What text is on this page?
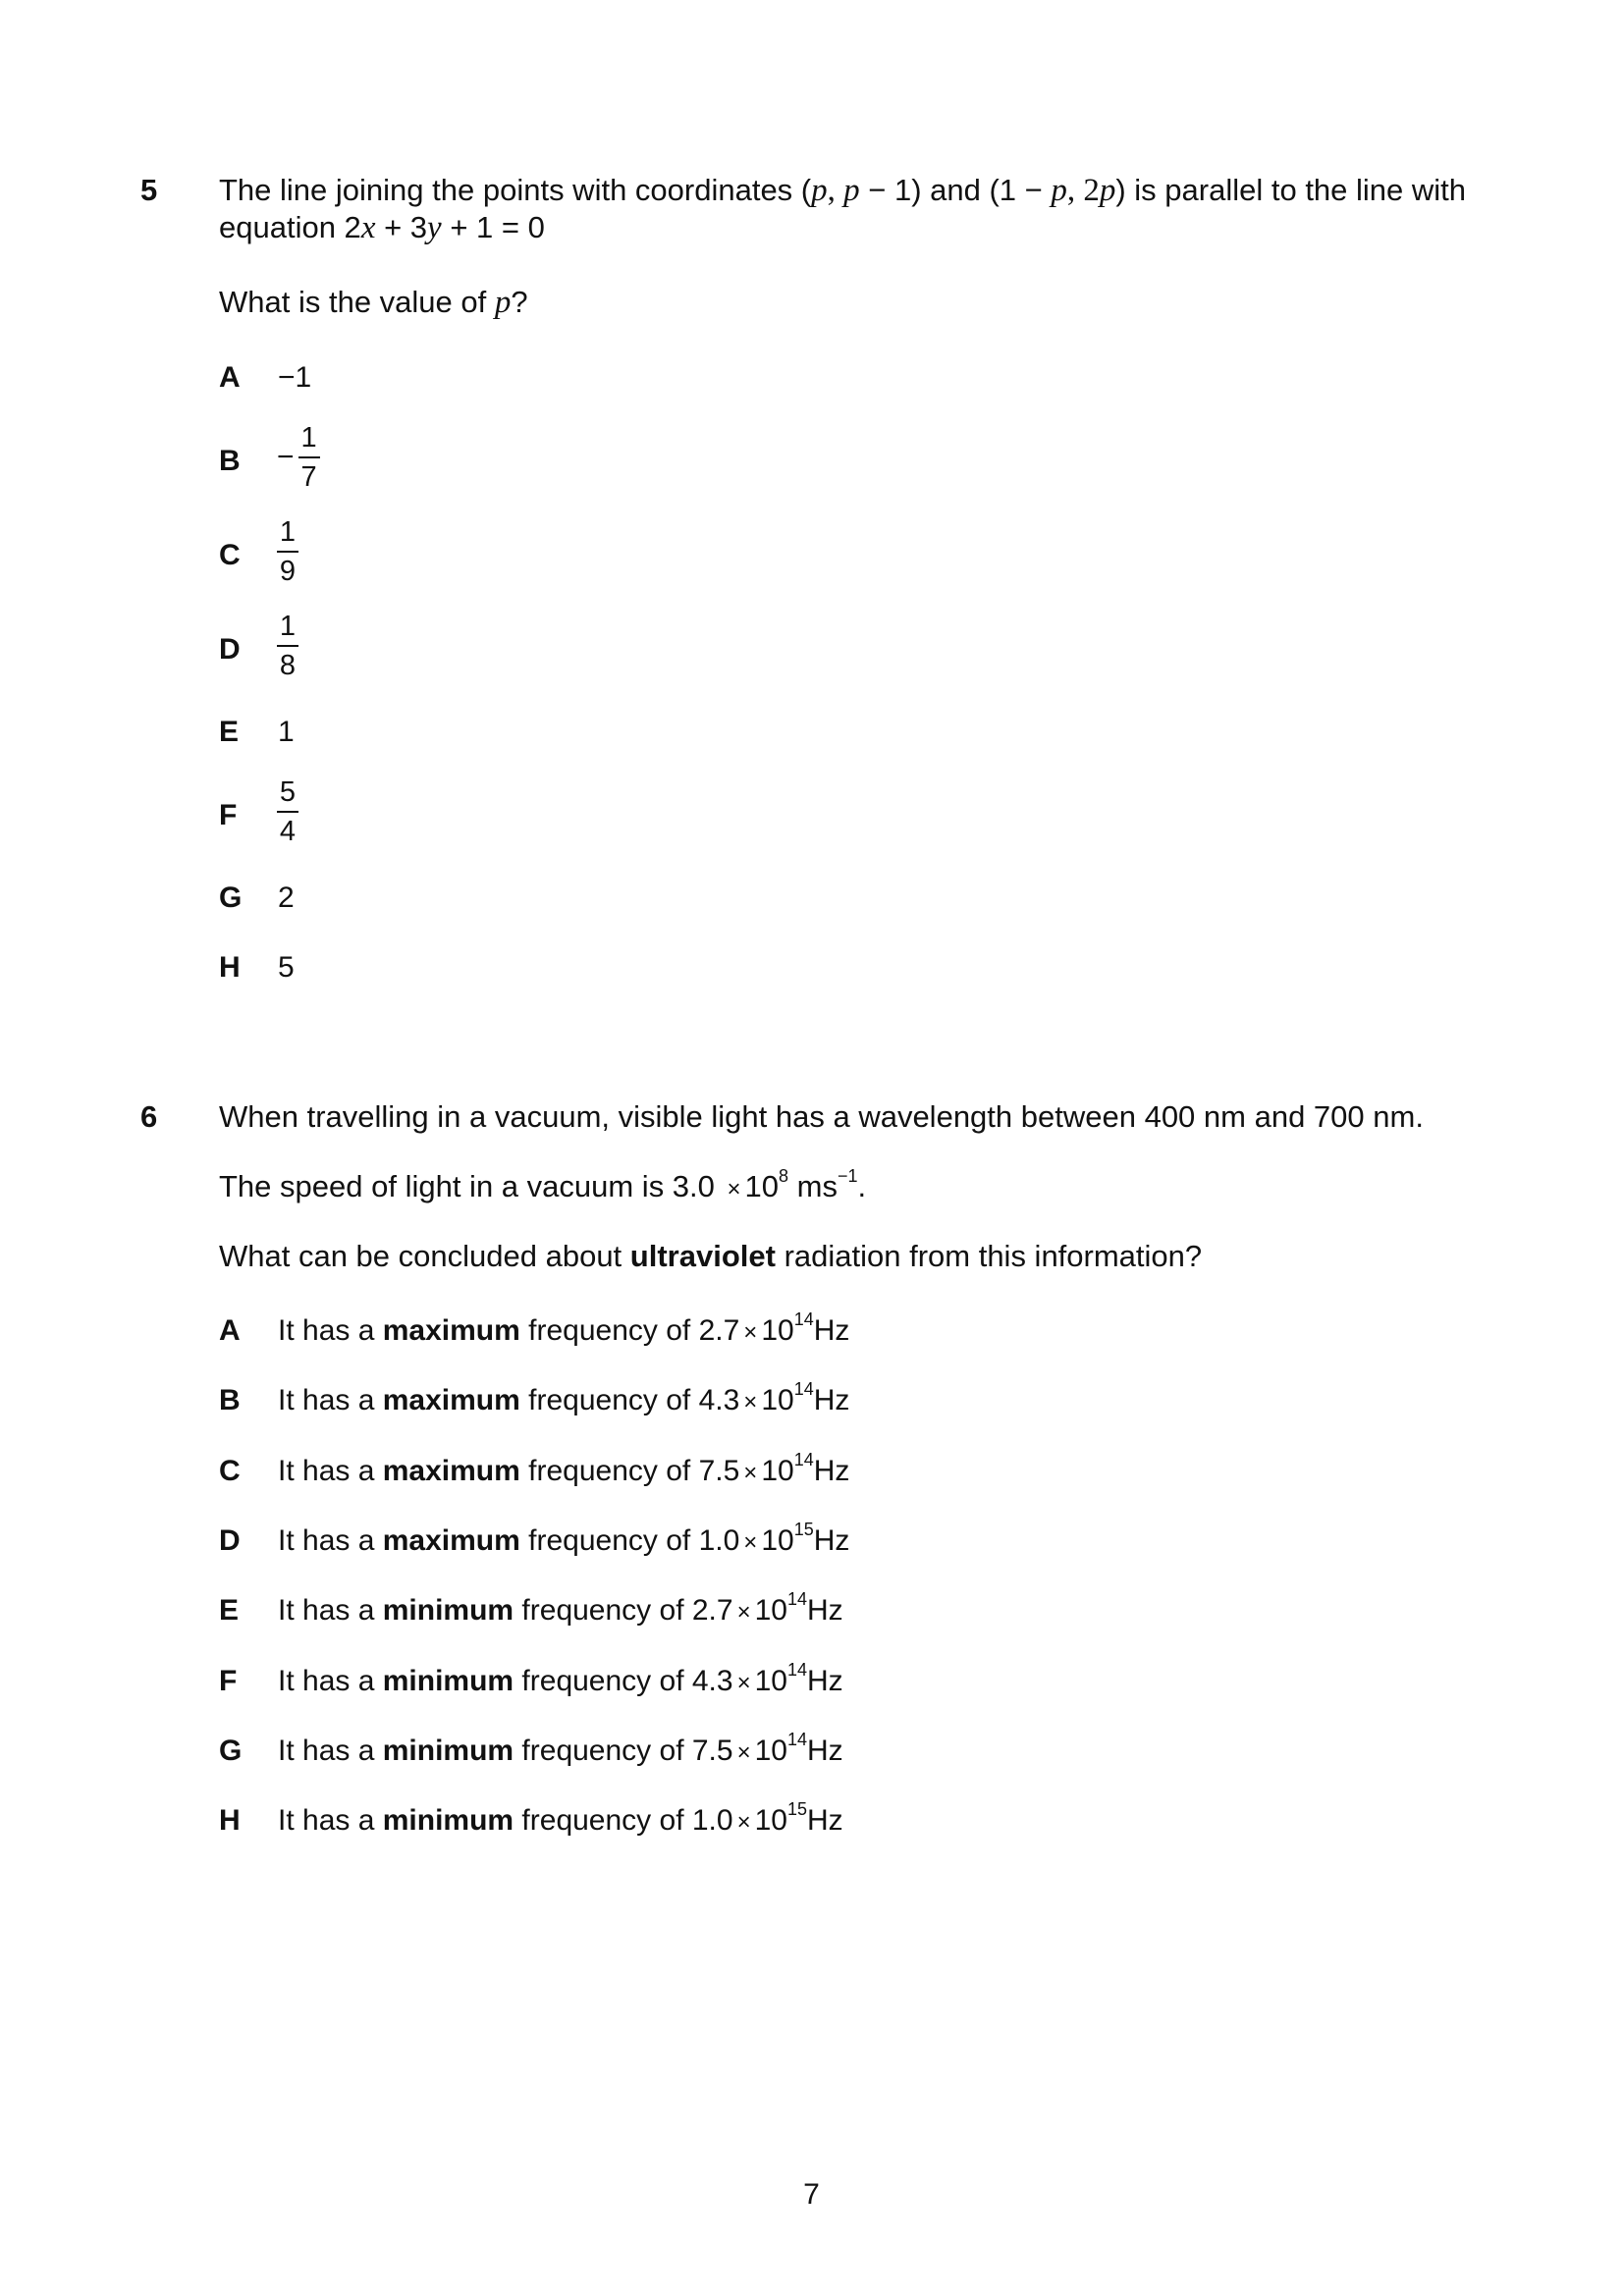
5 The line joining the points with coordinates (p, p − 1) and (1 − p, 2p) is parallel to the line with
equation 2x + 3y + 1 = 0
What is the value of p?
A −1
B −
1
7
C
1
9
D
1
8
E 1
F
5
4
G 2
H 5
6 When travelling in a vacuum, visible light has a wavelength between 400 nm and 700 nm.
The speed of light in a vacuum is $3.0 \times 10^8$ $ms^{-1}$.
What can be concluded about ultraviolet radiation from this information?
A It has a maximum frequency of $2.7 \times 10^{14}Hz$
B It has a maximum frequency of $4.3 \times 10^{14}Hz$
C It has a maximum frequency of $7.5 \times 10^{14}Hz$
D It has a maximum frequency of $1.0 \times 10^{15}Hz$
E It has a minimum frequency of $2.7 \times 10^{14}Hz$
F It has a minimum frequency of $4.3 \times 10^{14}Hz$
G It has a minimum frequency of $7.5 \times 10^{14}Hz$
H It has a minimum frequency of $1.0 \times 10^{15}Hz$
7
